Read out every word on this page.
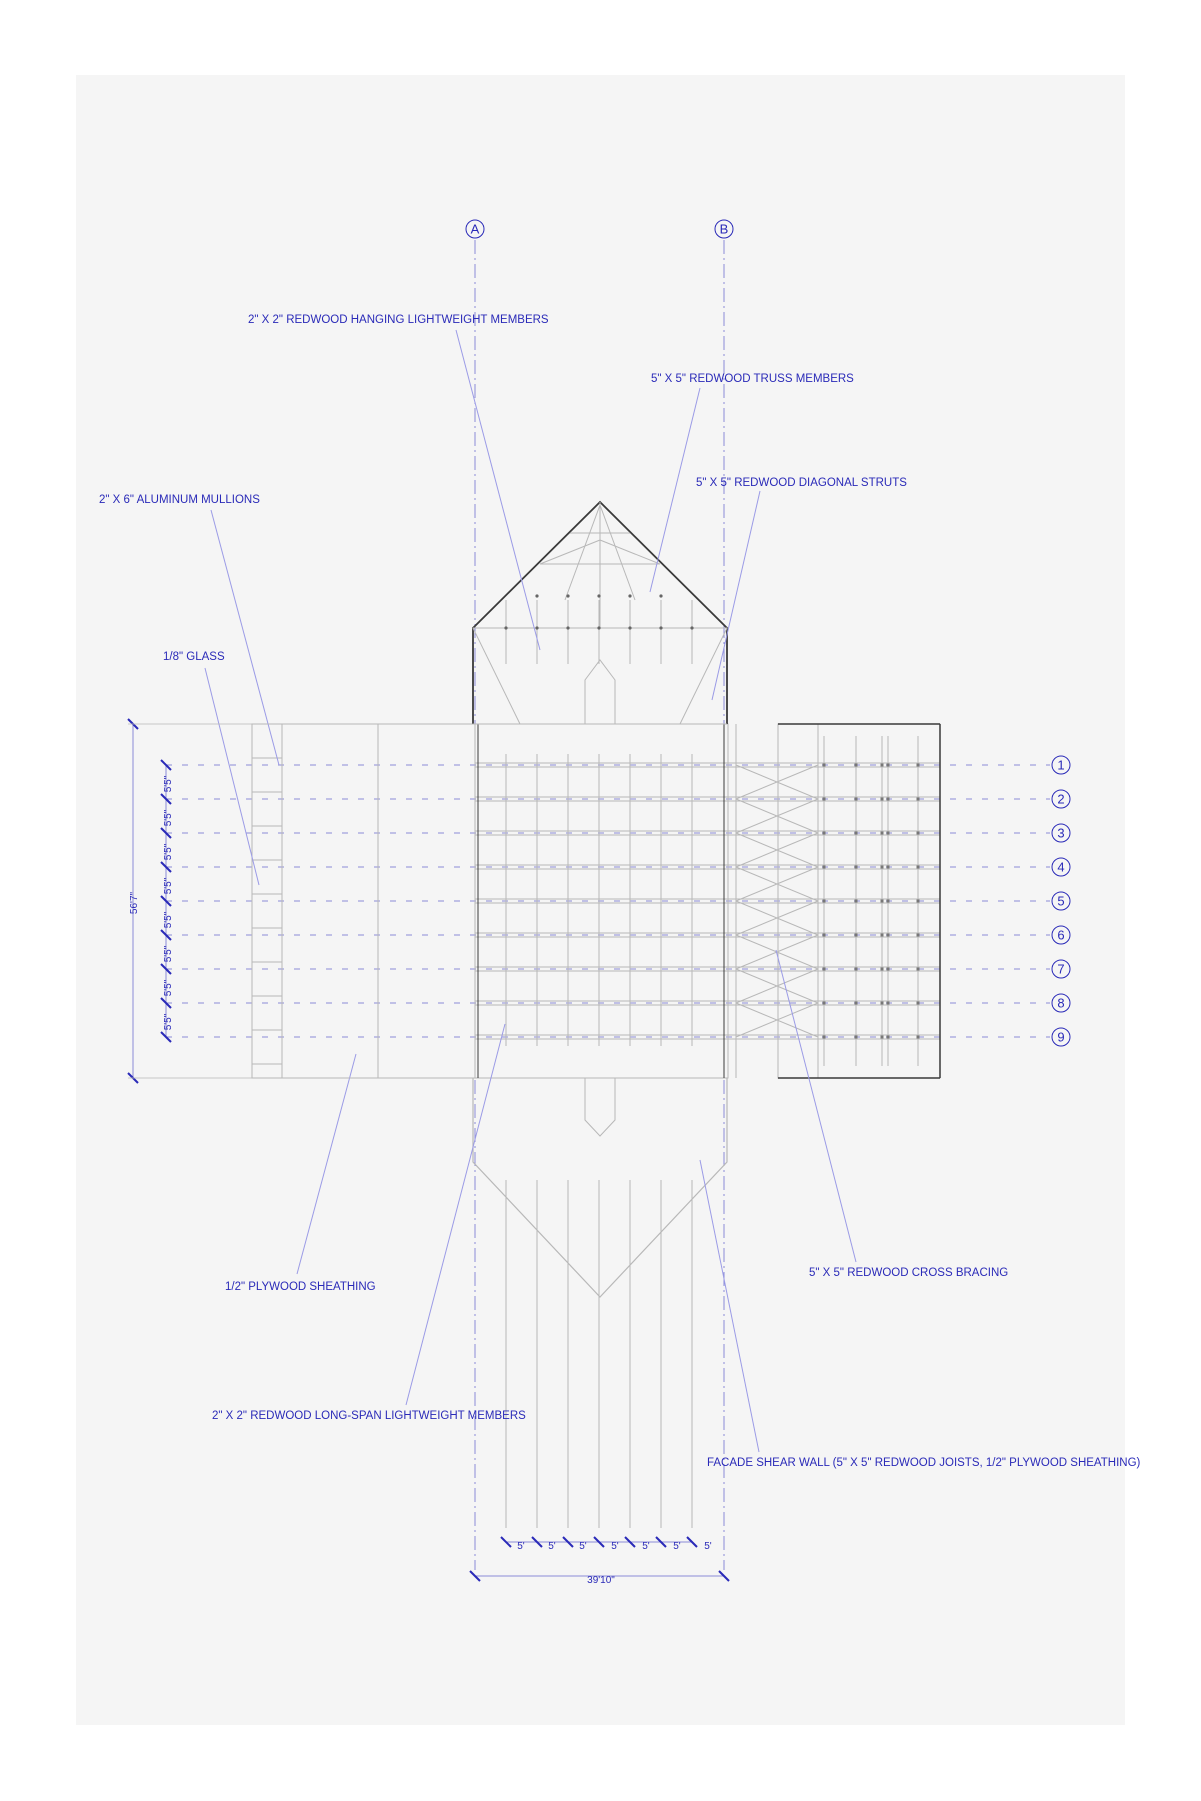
A	B
1
2
3
4
5
6
7
8
9
2" X 2" REDWOOD HANGING LIGHTWEIGHT MEMBERS
5" X 5" REDWOOD TRUSS MEMBERS
5" X 5" REDWOOD DIAGONAL STRUTS
2" X 6" ALUMINUM MULLIONS
1/8" GLASS
1/2" PLYWOOD SHEATHING
5" X 5" REDWOOD CROSS BRACING
2" X 2" REDWOOD LONG-SPAN LIGHTWEIGHT MEMBERS
FACADE SHEAR WALL (5" X 5" REDWOOD JOISTS, 1/2" PLYWOOD SHEATHING)
56'7"
5'5"
5'5"
5'5"
5'5"
5'5"
5'5"
5'5"
5'5"
5' 5' 5' 5' 5' 5' 5'
39'10"
